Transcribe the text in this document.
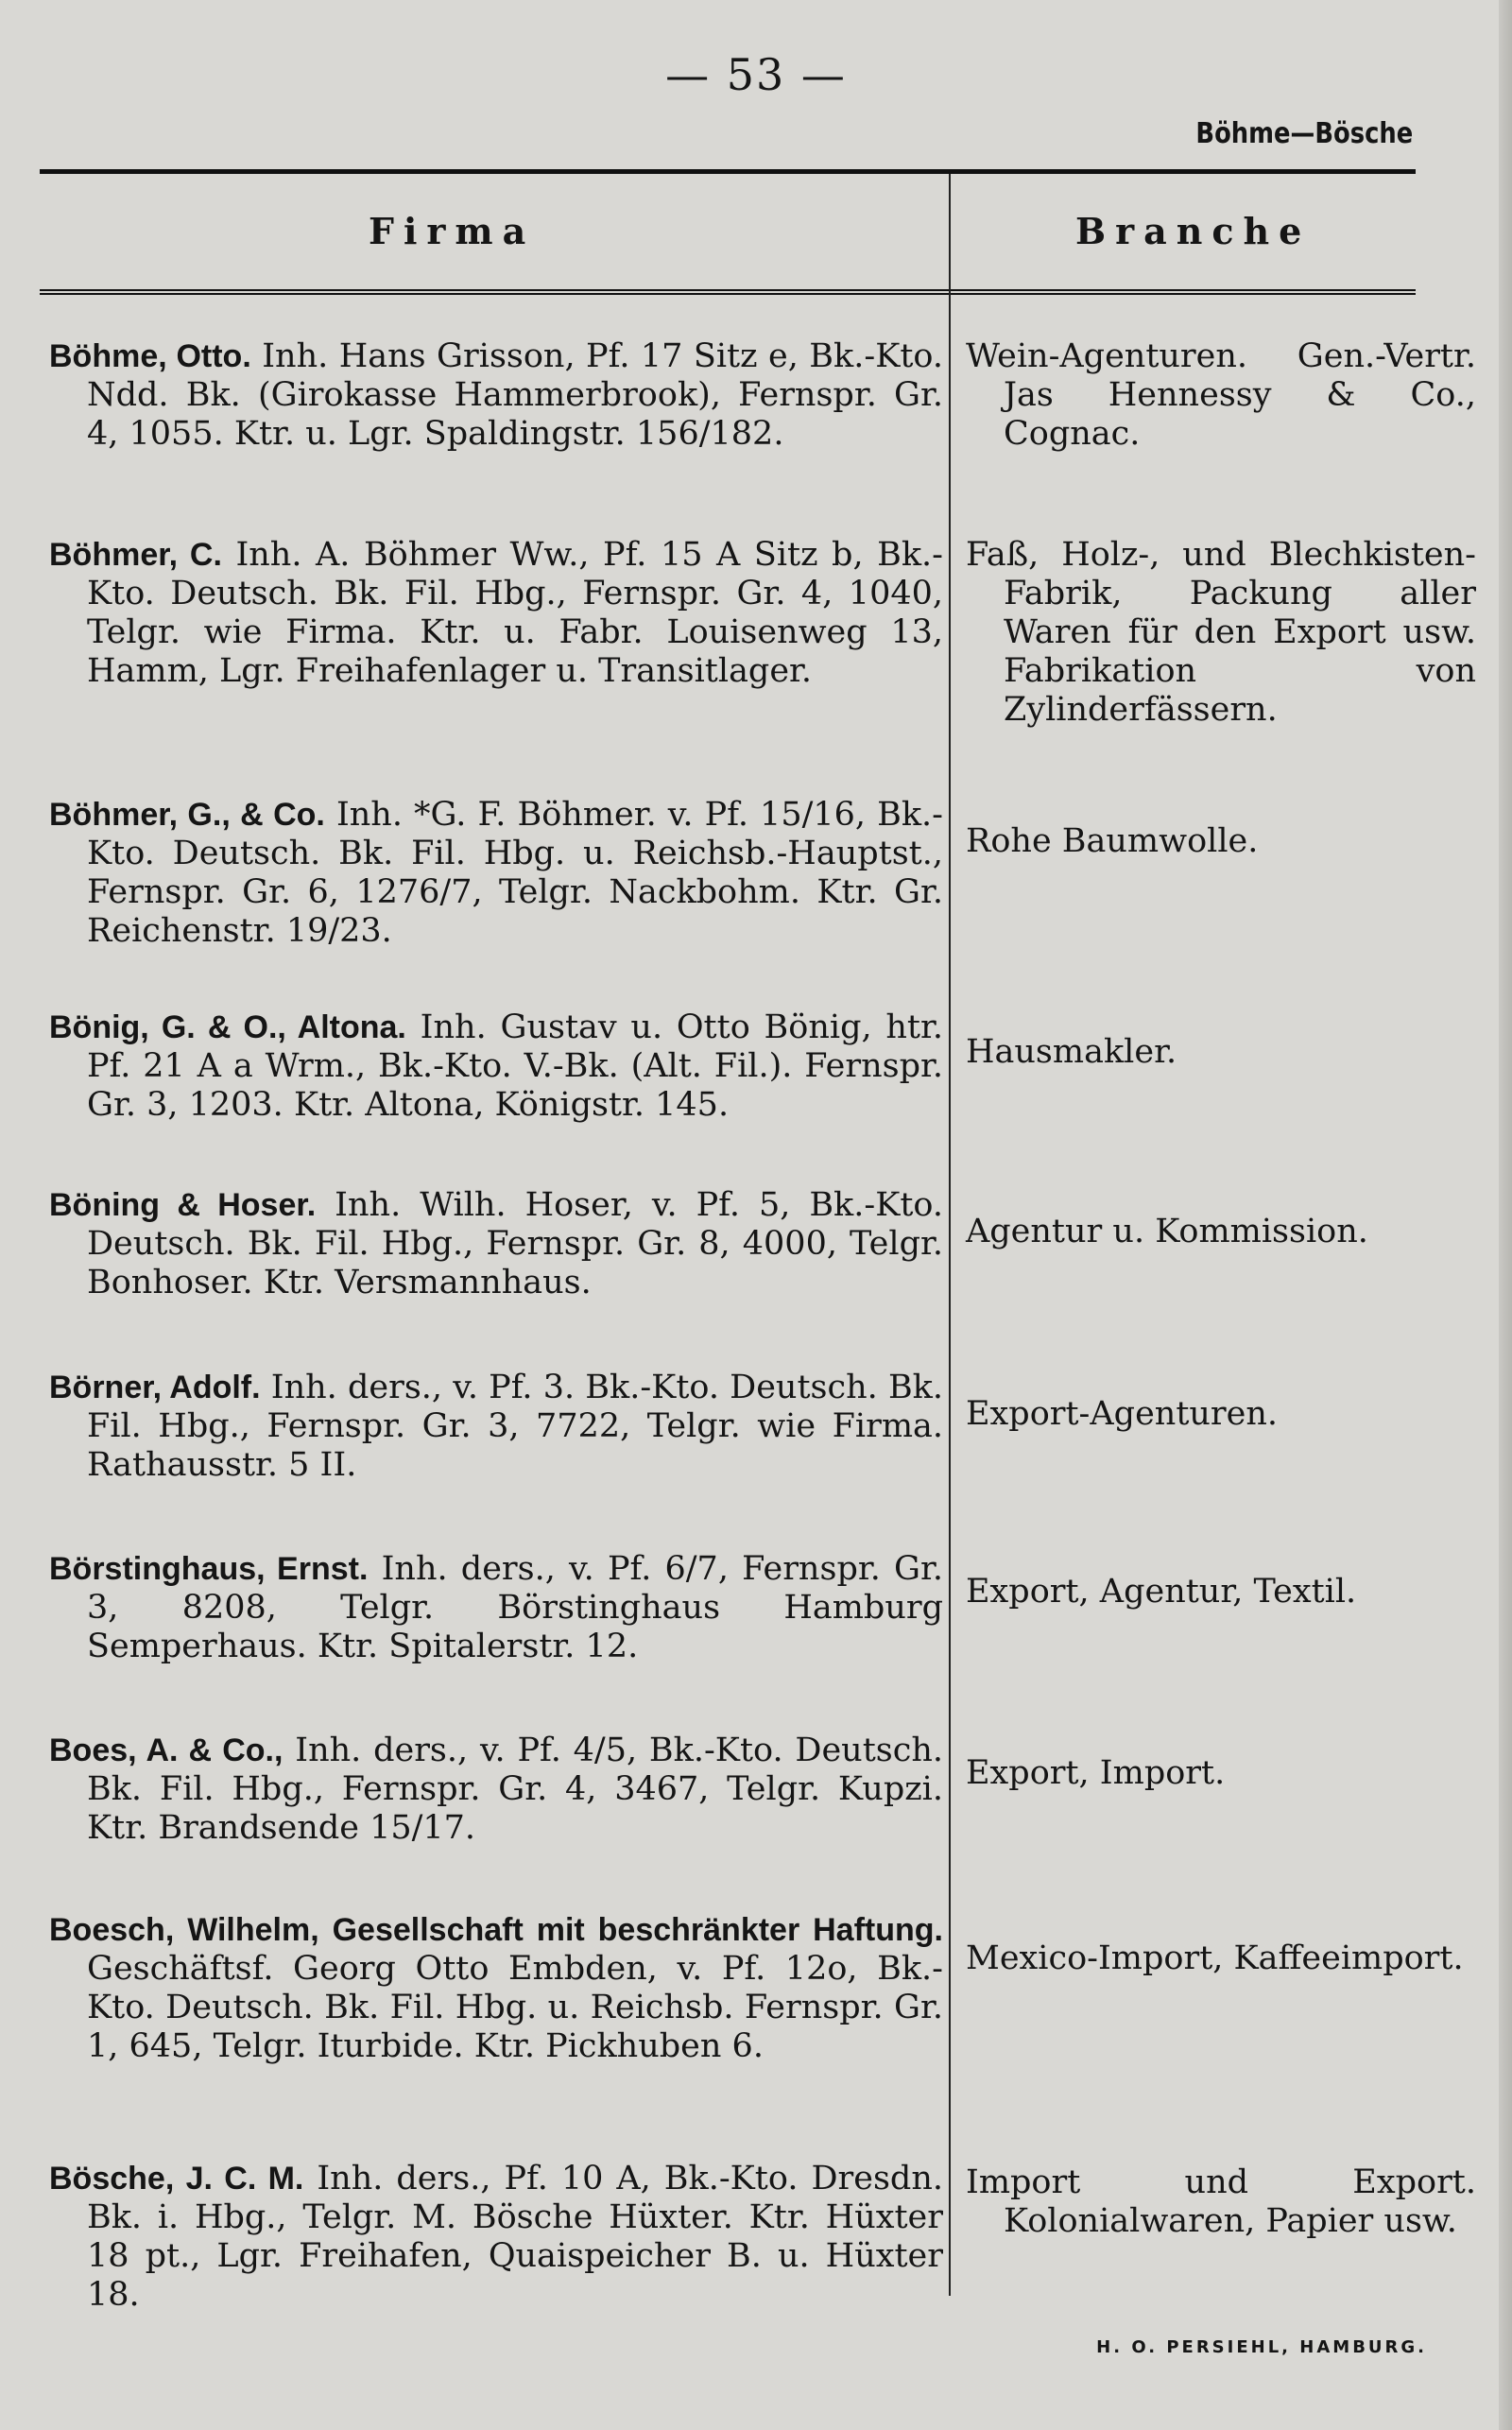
— 53 —
Böhme—Bösche
Firma	Branche
Böhme, Otto. Inh. Hans Grisson, Pf. 17 Sitz e, Bk.-Kto. Ndd. Bk. (Girokasse Hammerbrook), Fernspr. Gr. 4, 1055. Ktr. u. Lgr. Spaldingstr. 156/182.
Wein-Agenturen. Gen.-Vertr. Jas Hennessy & Co., Cognac.
Böhmer, C. Inh. A. Böhmer Ww., Pf. 15 A Sitz b, Bk.-Kto. Deutsch. Bk. Fil. Hbg., Fernspr. Gr. 4, 1040, Telgr. wie Firma. Ktr. u. Fabr. Louisenweg 13, Hamm, Lgr. Freihafenlager u. Transitlager.
Faß, Holz-, und Blechkisten-Fabrik, Packung aller Waren für den Export usw. Fabrikation von Zylinderfässern.
Böhmer, G., & Co. Inh. *G. F. Böhmer. v. Pf. 15/16, Bk.-Kto. Deutsch. Bk. Fil. Hbg. u. Reichsb.-Hauptst., Fernspr. Gr. 6, 1276/7, Telgr. Nackbohm. Ktr. Gr. Reichenstr. 19/23.
Rohe Baumwolle.
Bönig, G. & O., Altona. Inh. Gustav u. Otto Bönig, htr. Pf. 21 A a Wrm., Bk.-Kto. V.-Bk. (Alt. Fil.). Fernspr. Gr. 3, 1203. Ktr. Altona, Königstr. 145.
Hausmakler.
Böning & Hoser. Inh. Wilh. Hoser, v. Pf. 5, Bk.-Kto. Deutsch. Bk. Fil. Hbg., Fernspr. Gr. 8, 4000, Telgr. Bonhoser. Ktr. Versmannhaus.
Agentur u. Kommission.
Börner, Adolf. Inh. ders., v. Pf. 3. Bk.-Kto. Deutsch. Bk. Fil. Hbg., Fernspr. Gr. 3, 7722, Telgr. wie Firma. Rathausstr. 5 II.
Export-Agenturen.
Börstinghaus, Ernst. Inh. ders., v. Pf. 6/7, Fernspr. Gr. 3, 8208, Telgr. Börstinghaus Hamburg Semperhaus. Ktr. Spitalerstr. 12.
Export, Agentur, Textil.
Boes, A. & Co., Inh. ders., v. Pf. 4/5, Bk.-Kto. Deutsch. Bk. Fil. Hbg., Fernspr. Gr. 4, 3467, Telgr. Kupzi. Ktr. Brandsende 15/17.
Export, Import.
Boesch, Wilhelm, Gesellschaft mit beschränkter Haftung. Geschäftsf. Georg Otto Embden, v. Pf. 12o, Bk.-Kto. Deutsch. Bk. Fil. Hbg. u. Reichsb. Fernspr. Gr. 1, 645, Telgr. Iturbide. Ktr. Pickhuben 6.
Mexico-Import, Kaffeeimport.
Bösche, J. C. M. Inh. ders., Pf. 10 A, Bk.-Kto. Dresdn. Bk. i. Hbg., Telgr. M. Bösche Hüxter. Ktr. Hüxter 18 pt., Lgr. Freihafen, Quaispeicher B. u. Hüxter 18.
Import und Export. Kolonialwaren, Papier usw.
H. O. PERSIEHL, HAMBURG.
